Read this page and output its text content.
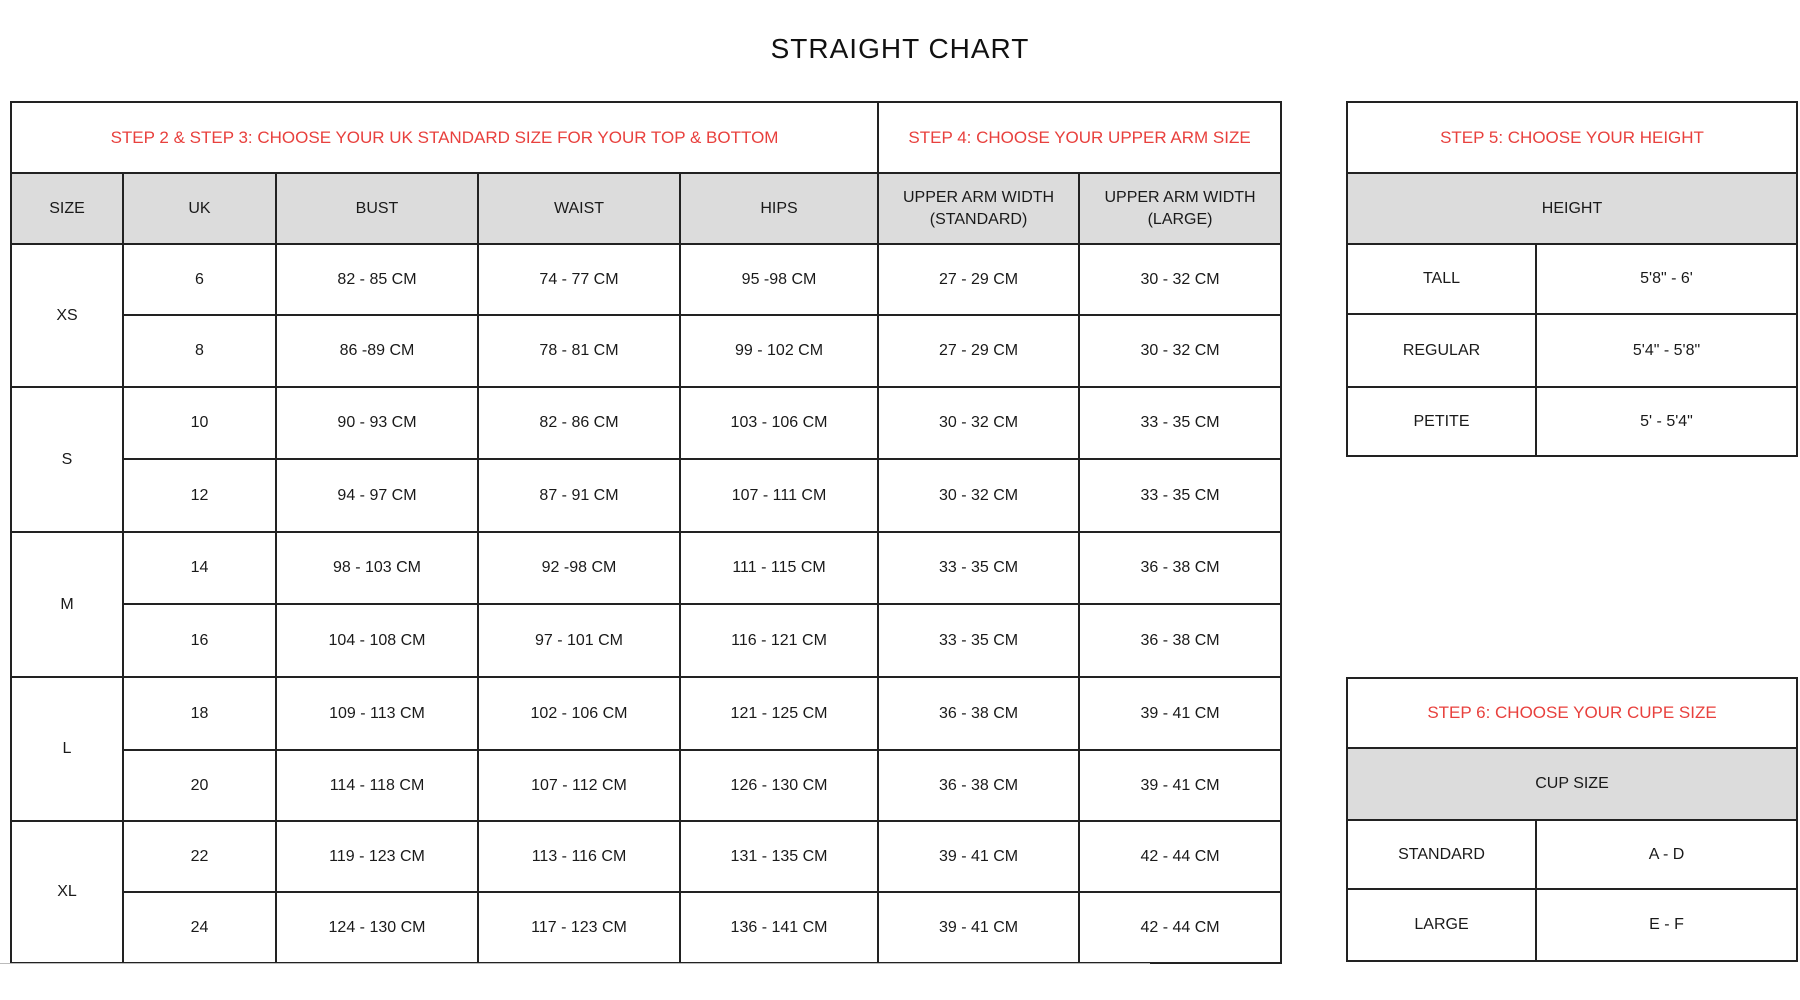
STRAIGHT CHART
STEP 2 & STEP 3: CHOOSE YOUR UK STANDARD SIZE FOR YOUR TOP & BOTTOM					STEP 4: CHOOSE YOUR UPPER ARM SIZE	
SIZE	UK	BUST	WAIST	HIPS	UPPER ARM WIDTH (STANDARD)	UPPER ARM WIDTH (LARGE)
XS	6	82 - 85 CM	74 - 77 CM	95 -98 CM	27 - 29 CM	30 - 32 CM
	8	86 -89 CM	78 - 81 CM	99 - 102 CM	27 - 29 CM	30 - 32 CM
S	10	90 - 93 CM	82 - 86 CM	103 - 106 CM	30 - 32 CM	33 - 35 CM
	12	94 - 97 CM	87 - 91 CM	107 - 111 CM	30 - 32 CM	33 - 35 CM
M	14	98 - 103 CM	92 -98 CM	111 - 115 CM	33 - 35 CM	36 - 38 CM
	16	104 - 108 CM	97 - 101 CM	116 - 121 CM	33 - 35 CM	36 - 38 CM
L	18	109 - 113 CM	102 - 106 CM	121 - 125 CM	36 - 38 CM	39 - 41 CM
	20	114 - 118 CM	107 - 112 CM	126 - 130 CM	36 - 38 CM	39 - 41 CM
XL	22	119 - 123 CM	113 - 116 CM	131 - 135 CM	39 - 41 CM	42 - 44 CM
	24	124 - 130 CM	117 - 123 CM	136 - 141 CM	39 - 41 CM	42 - 44 CM
STEP 5: CHOOSE YOUR HEIGHT	
HEIGHT	
TALL	5'8" - 6'
REGULAR	5'4" - 5'8"
PETITE	5' - 5'4"
STEP 6: CHOOSE YOUR CUPE SIZE	
CUP SIZE	
STANDARD	A - D
LARGE	E - F
